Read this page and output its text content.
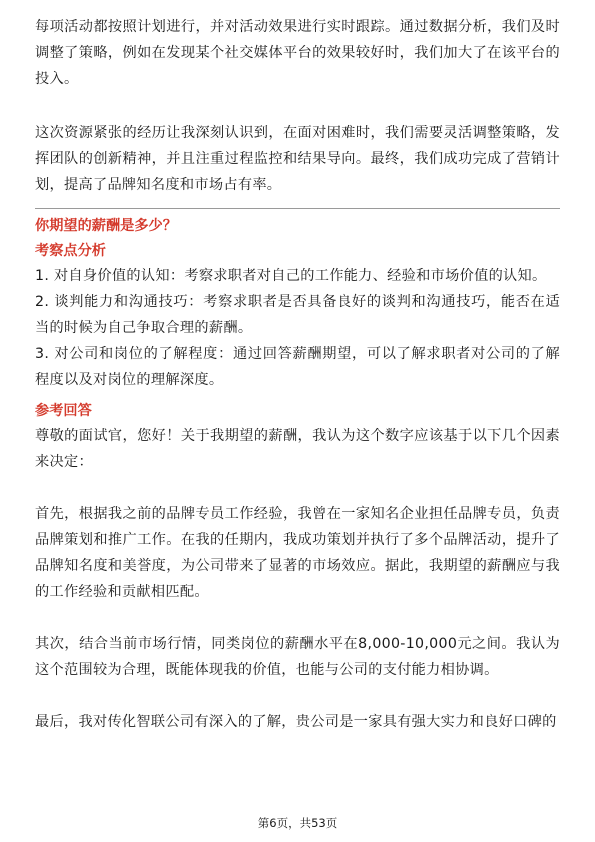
每项活动都按照计划进行，并对活动效果进行实时跟踪。通过数据分析，我们及时调整了策略，例如在发现某个社交媒体平台的效果较好时，我们加大了在该平台的投入。

这次资源紧张的经历让我深刻认识到，在面对困难时，我们需要灵活调整策略，发挥团队的创新精神，并且注重过程监控和结果导向。最终，我们成功完成了营销计划，提高了品牌知名度和市场占有率。

你期望的薪酬是多少？
考察点分析

1. 对自身价值的认知：考察求职者对自己的工作能力、经验和市场价值的认知。

2. 谈判能力和沟通技巧：考察求职者是否具备良好的谈判和沟通技巧，能否在适当的时候为自己争取合理的薪酬。

3. 对公司和岗位的了解程度：通过回答薪酬期望，可以了解求职者对公司的了解程度以及对岗位的理解深度。

参考回答

尊敬的面试官，您好！关于我期望的薪酬，我认为这个数字应该基于以下几个因素来决定：

首先，根据我之前的品牌专员工作经验，我曾在一家知名企业担任品牌专员，负责品牌策划和推广工作。在我的任期内，我成功策划并执行了多个品牌活动，提升了品牌知名度和美誉度，为公司带来了显著的市场效应。据此，我期望的薪酬应与我的工作经验和贡献相匹配。

其次，结合当前市场行情，同类岗位的薪酬水平在8,000-10,000元之间。我认为这个范围较为合理，既能体现我的价值，也能与公司的支付能力相协调。

最后，我对传化智联公司有深入的了解，贵公司是一家具有强大实力和良好口碑的

第6页，共53页
